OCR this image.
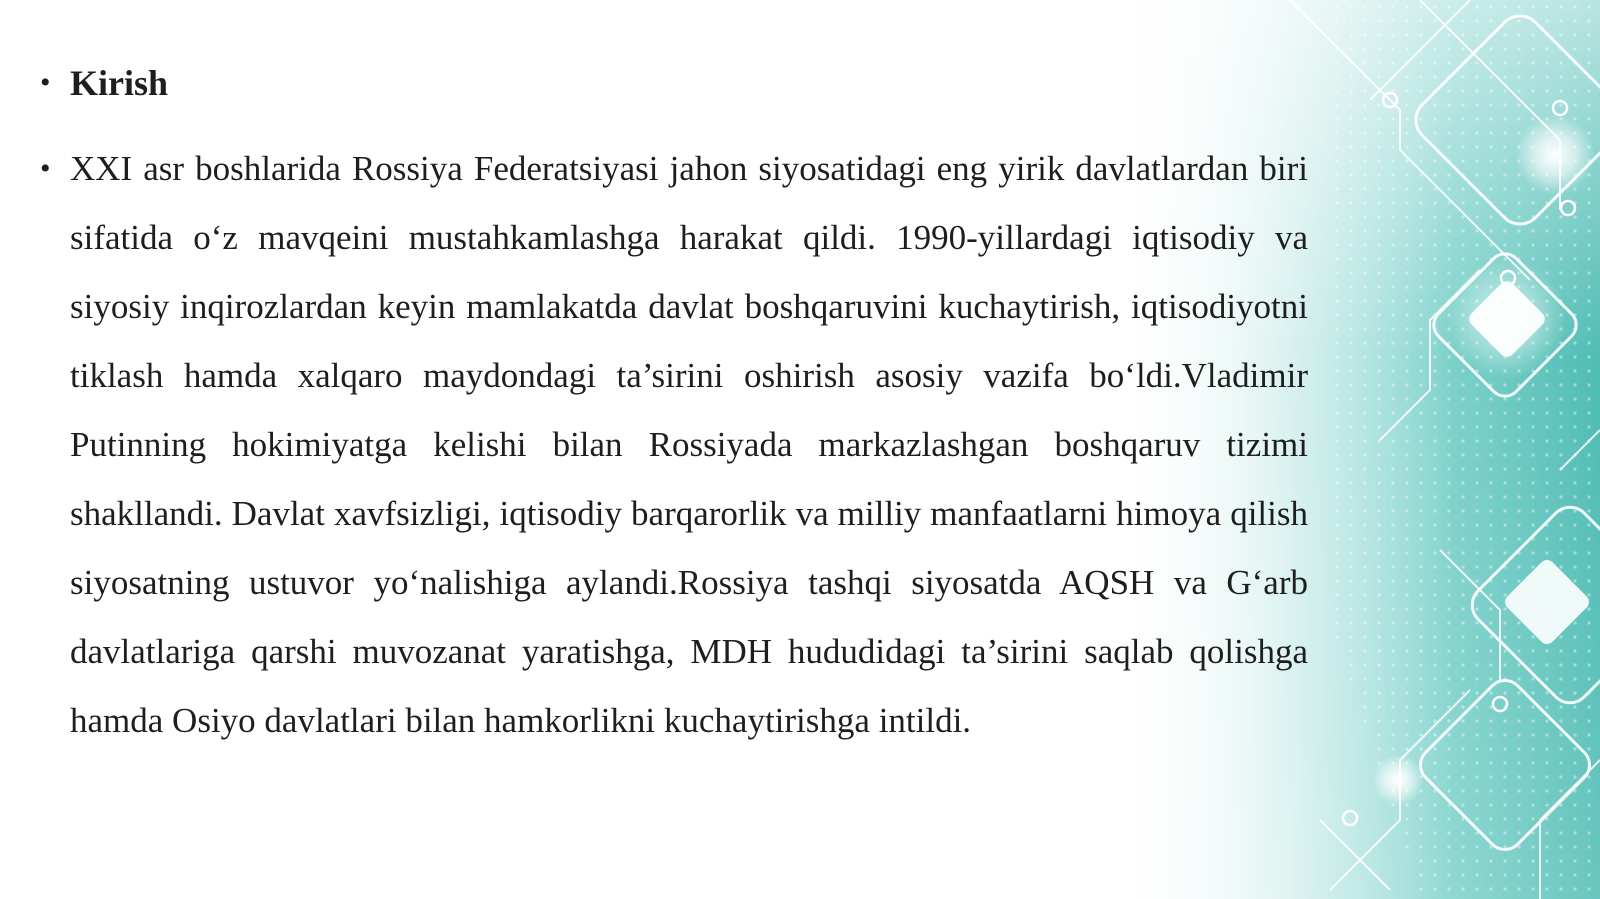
• Kirish
• XXI asr boshlarida Rossiya Federatsiyasi jahon siyosatidagi eng yirik davlatlardan biri sifatida o‘z mavqeini mustahkamlashga harakat qildi. 1990-yillardagi iqtisodiy va siyosiy inqirozlardan keyin mamlakatda davlat boshqaruvini kuchaytirish, iqtisodiyotni tiklash hamda xalqaro maydondagi ta’sirini oshirish asosiy vazifa bo‘ldi.Vladimir Putinning hokimiyatga kelishi bilan Rossiyada markazlashgan boshqaruv tizimi shakllandi. Davlat xavfsizligi, iqtisodiy barqarorlik va milliy manfaatlarni himoya qilish siyosatning ustuvor yo‘nalishiga aylandi.Rossiya tashqi siyosatda AQSH va G‘arb davlatlariga qarshi muvozanat yaratishga, MDH hududidagi ta’sirini saqlab qolishga hamda Osiyo davlatlari bilan hamkorlikni kuchaytirishga intildi.
